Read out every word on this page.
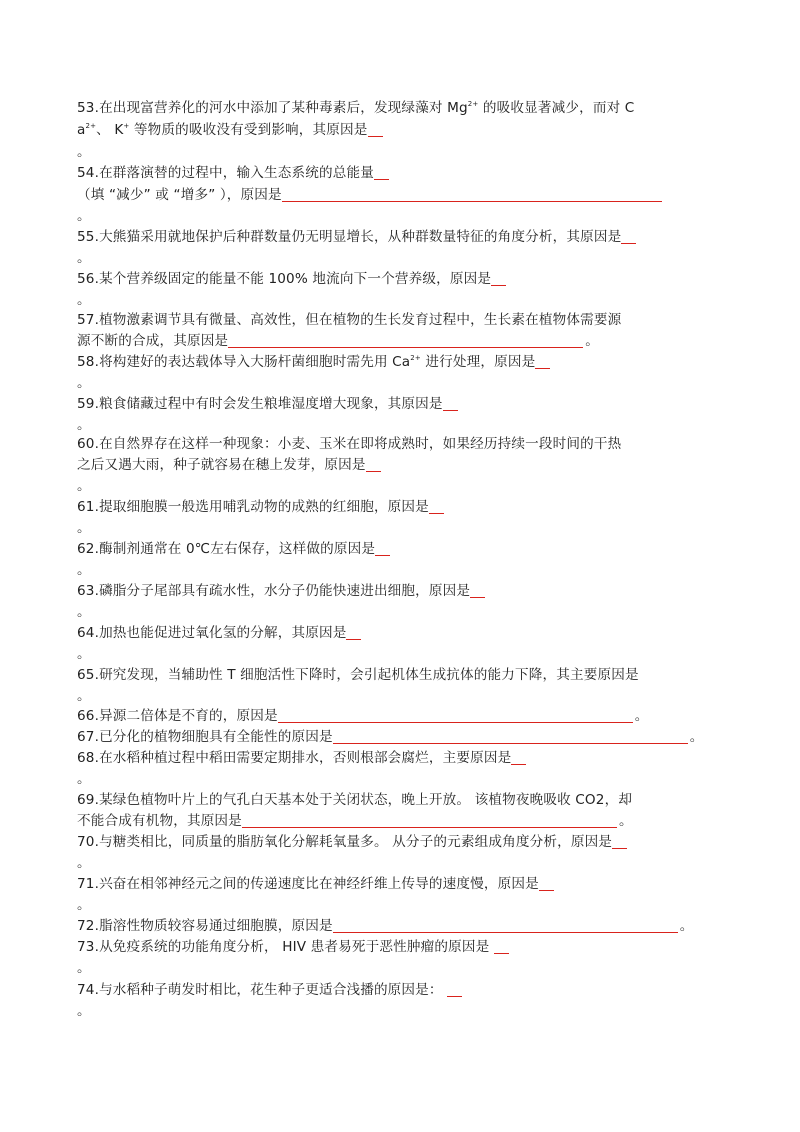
53.在出现富营养化的河水中添加了某种毒素后，发现绿藻对 $Mg^{2+}$ 的吸收显著减少，而对 C
$a^{2+}$、 K+ 等物质的吸收没有受到影响，其原因是
。
54.在群落演替的过程中，输入生态系统的总能量
（填 “减少” 或 “增多” ），原因是
。
55.大熊猫采用就地保护后种群数量仍无明显增长，从种群数量特征的角度分析，其原因是
。
56.某个营养级固定的能量不能 100% 地流向下一个营养级，原因是
。
57.植物激素调节具有微量、高效性，但在植物的生长发育过程中，生长素在植物体需要源
源不断的合成，其原因是	。
58.将构建好的表达载体导入大肠杆菌细胞时需先用 $Ca^{2+}$ 进行处理，原因是
。
59.粮食储藏过程中有时会发生粮堆湿度增大现象，其原因是
。
60.在自然界存在这样一种现象：小麦、玉米在即将成熟时，如果经历持续一段时间的干热
之后又遇大雨，种子就容易在穗上发芽，原因是
。
61.提取细胞膜一般选用哺乳动物的成熟的红细胞，原因是
。
62.酶制剂通常在 0℃左右保存，这样做的原因是
。
63.磷脂分子尾部具有疏水性，水分子仍能快速进出细胞，原因是
。
64.加热也能促进过氧化氢的分解，其原因是
。
65.研究发现，当辅助性 T 细胞活性下降时，会引起机体生成抗体的能力下降，其主要原因是
。
66.异源二倍体是不育的，原因是	。
67.已分化的植物细胞具有全能性的原因是	。
68.在水稻种植过程中稻田需要定期排水，否则根部会腐烂，主要原因是
。
69.某绿色植物叶片上的气孔白天基本处于关闭状态，晚上开放。 该植物夜晚吸收 CO2，却
不能合成有机物，其原因是	。
70.与糖类相比，同质量的脂肪氧化分解耗氧量多。 从分子的元素组成角度分析，原因是
。
71.兴奋在相邻神经元之间的传递速度比在神经纤维上传导的速度慢，原因是
。
72.脂溶性物质较容易通过细胞膜，原因是	。
73.从免疫系统的功能角度分析， HIV 患者易死于恶性肿瘤的原因是
。
74.与水稻种子萌发时相比，花生种子更适合浅播的原因是：
。
